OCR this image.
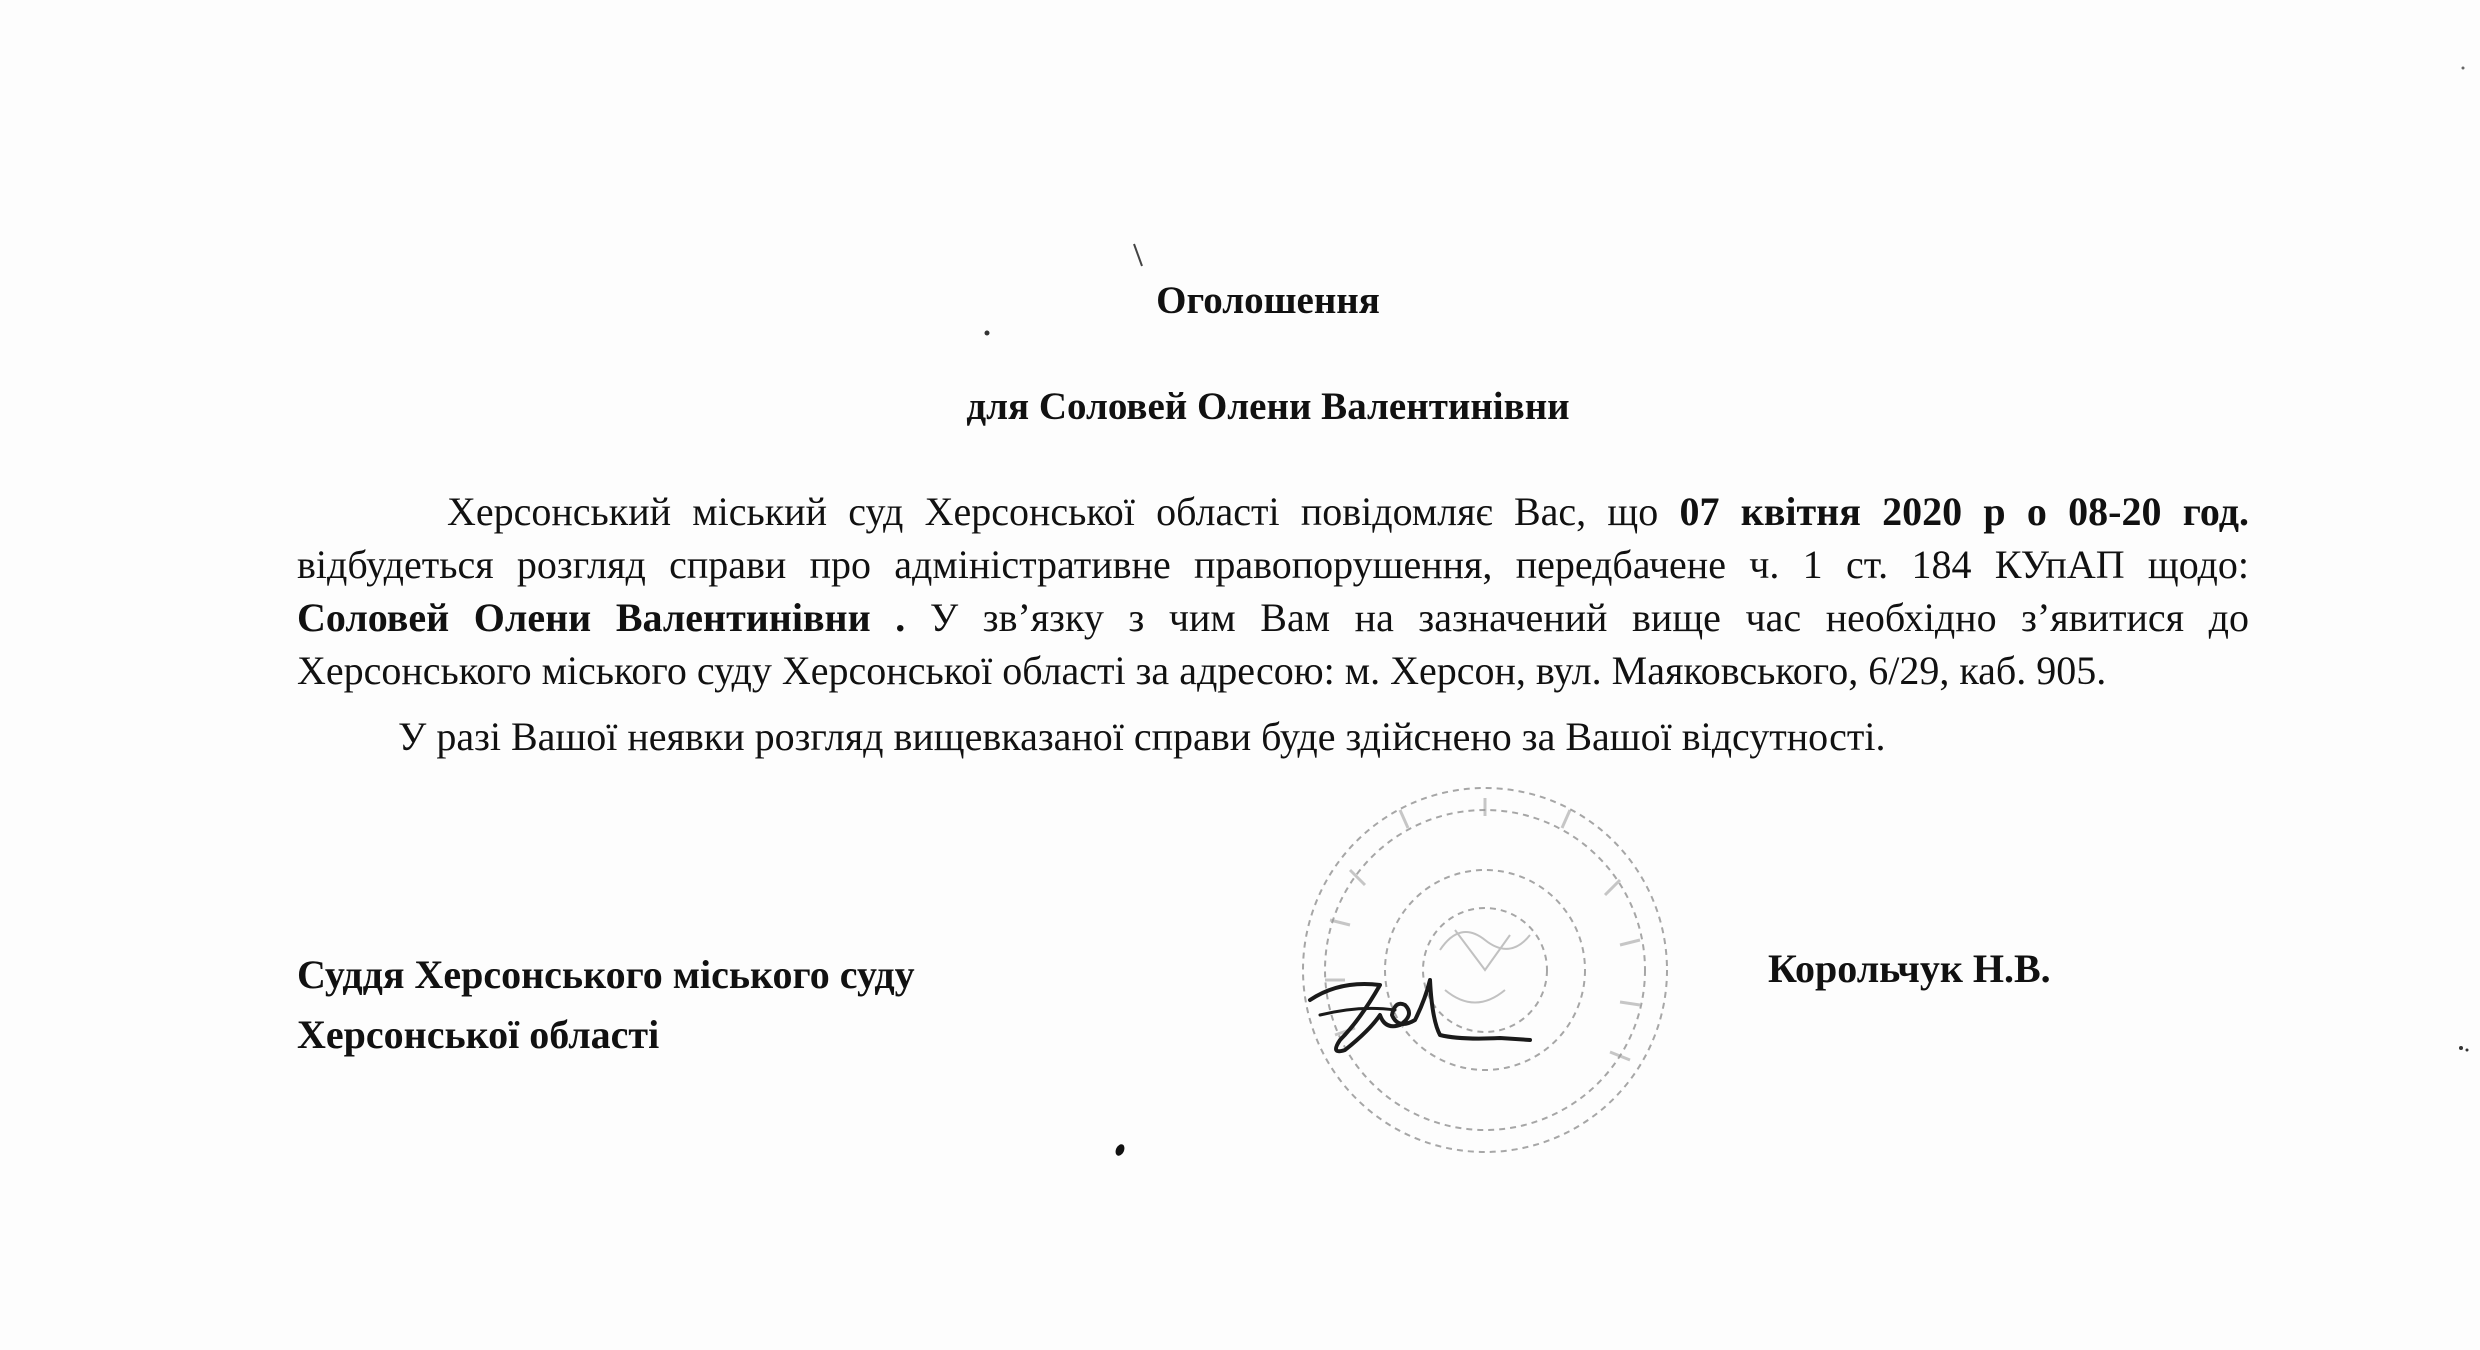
Оголошення
для Соловей Олени Валентинівни

Херсонський міський суд Херсонської області повідомляє Вас, що 07 квітня 2020 р о 08-20 год. відбудеться розгляд справи про адміністративне правопорушення, передбачене ч. 1 ст. 184 КУпАП щодо: Соловей Олени Валентинівни . У зв’язку з чим Вам на зазначений вище час необхідно з’явитися до Херсонського міського суду Херсонської області за адресою: м. Херсон, вул. Маяковського, 6/29, каб. 905.

У разі Вашої неявки розгляд вищевказаної справи буде здійснено за Вашої відсутності.

Суддя Херсонського міського суду
Херсонської області
Корольчук Н.В.
